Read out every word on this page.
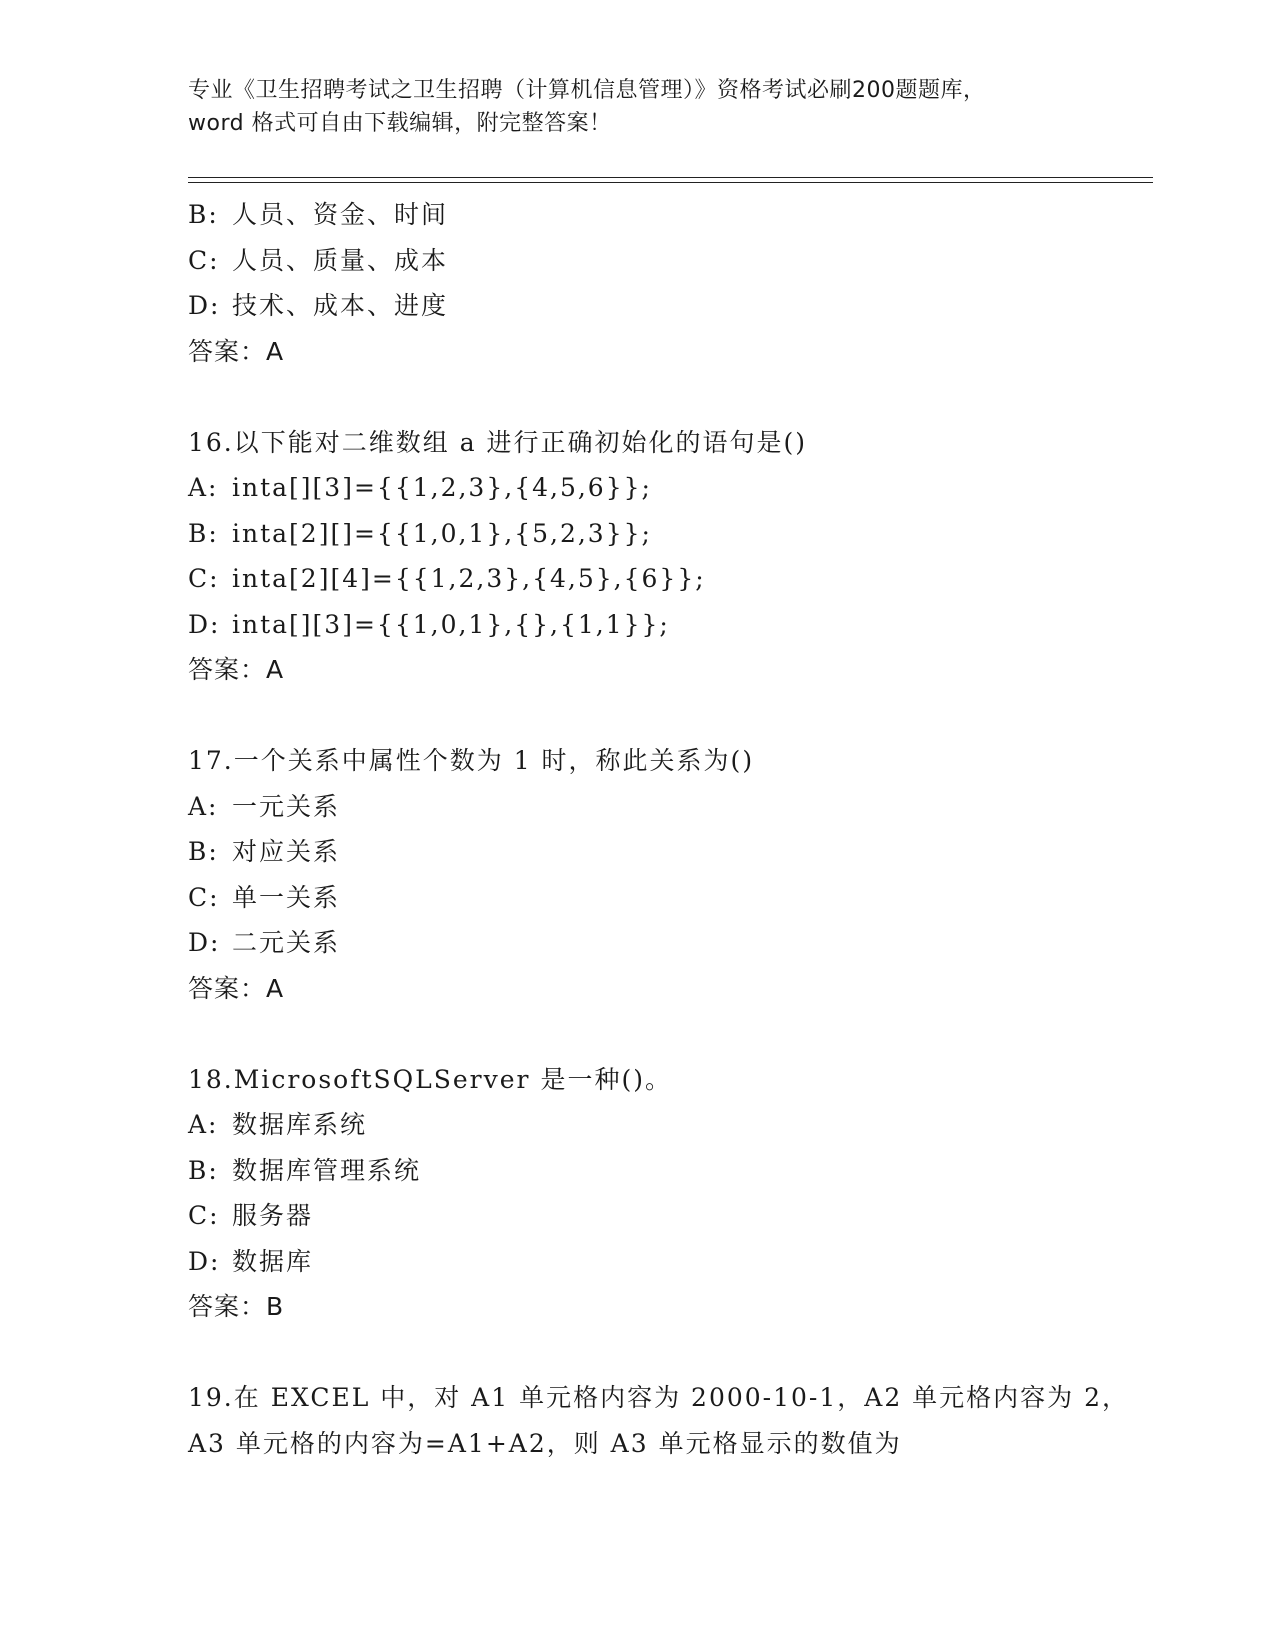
专业《卫生招聘考试之卫生招聘（计算机信息管理）》资格考试必刷200题题库，
word 格式可自由下载编辑，附完整答案！
B: 人员、资金、时间
C: 人员、质量、成本
D: 技术、成本、进度
答案：A
16.以下能对二维数组 a 进行正确初始化的语句是()
A: inta[][3]={{1,2,3},{4,5,6}};
B: inta[2][]={{1,0,1},{5,2,3}};
C: inta[2][4]={{1,2,3},{4,5},{6}};
D: inta[][3]={{1,0,1},{},{1,1}};
答案：A
17.一个关系中属性个数为 1 时，称此关系为()
A: 一元关系
B: 对应关系
C: 单一关系
D: 二元关系
答案：A
18.MicrosoftSQLServer 是一种()。
A: 数据库系统
B: 数据库管理系统
C: 服务器
D: 数据库
答案：B
19.在 EXCEL 中，对 A1 单元格内容为 2000-10-1，A2 单元格内容为 2，
A3 单元格的内容为=A1+A2，则 A3 单元格显示的数值为
